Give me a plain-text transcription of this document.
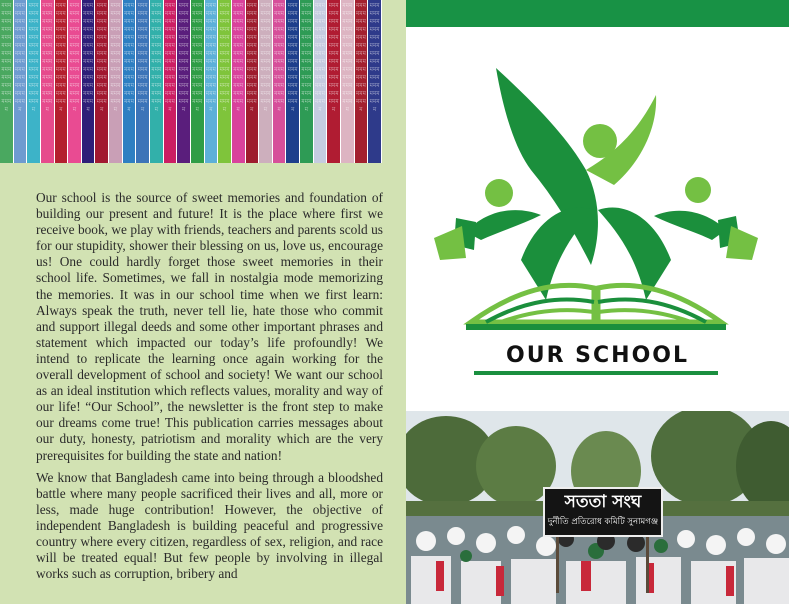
মমমমমমমমমমমমমমমমমমমমমমমমমমমমমমমমমমমমমমমম
মমমমমমমমমমমমমমমমমমমমমমমমমমমমমমমমমমমমমমমম
মমমমমমমমমমমমমমমমমমমমমমমমমমমমমমমমমমমমমমমম
মমমমমমমমমমমমমমমমমমমমমমমমমমমমমমমমমমমমমমমম
মমমমমমমমমমমমমমমমমমমমমমমমমমমমমমমমমমমমমমমম
মমমমমমমমমমমমমমমমমমমমমমমমমমমমমমমমমমমমমমমম
মমমমমমমমমমমমমমমমমমমমমমমমমমমমমমমমমমমমমমমম
মমমমমমমমমমমমমমমমমমমমমমমমমমমমমমমমমমমমমমমম
মমমমমমমমমমমমমমমমমমমমমমমমমমমমমমমমমমমমমমমম
মমমমমমমমমমমমমমমমমমমমমমমমমমমমমমমমমমমমমমমম
মমমমমমমমমমমমমমমমমমমমমমমমমমমমমমমমমমমমমমমম
মমমমমমমমমমমমমমমমমমমমমমমমমমমমমমমমমমমমমমমম
মমমমমমমমমমমমমমমমমমমমমমমমমমমমমমমমমমমমমমমম
মমমমমমমমমমমমমমমমমমমমমমমমমমমমমমমমমমমমমমমম
মমমমমমমমমমমমমমমমমমমমমমমমমমমমমমমমমমমমমমমম
মমমমমমমমমমমমমমমমমমমমমমমমমমমমমমমমমমমমমমমম
মমমমমমমমমমমমমমমমমমমমমমমমমমমমমমমমমমমমমমমম
মমমমমমমমমমমমমমমমমমমমমমমমমমমমমমমমমমমমমমমম
মমমমমমমমমমমমমমমমমমমমমমমমমমমমমমমমমমমমমমমম
মমমমমমমমমমমমমমমমমমমমমমমমমমমমমমমমমমমমমমমম
মমমমমমমমমমমমমমমমমমমমমমমমমমমমমমমমমমমমমমমম
মমমমমমমমমমমমমমমমমমমমমমমমমমমমমমমমমমমমমমমম
মমমমমমমমমমমমমমমমমমমমমমমমমমমমমমমমমমমমমমমম
মমমমমমমমমমমমমমমমমমমমমমমমমমমমমমমমমমমমমমমম
মমমমমমমমমমমমমমমমমমমমমমমমমমমমমমমমমমমমমমমম
মমমমমমমমমমমমমমমমমমমমমমমমমমমমমমমমমমমমমমমম
মমমমমমমমমমমমমমমমমমমমমমমমমমমমমমমমমমমমমমমম
মমমমমমমমমমমমমমমমমমমমমমমমমমমমমমমমমমমমমমমম

Our school is the source of sweet memories and foundation of building our present and future! It is the place where first we receive book, we play with friends, teachers and parents scold us for our stupidity, shower their blessing on us, love us, encourage us! One could hardly forget those sweet memories in their school life. Sometimes, we fall in nostalgia mode memorizing the memories. It was in our school time when we first learn: Always speak the truth, never tell lie, hate those who commit and support illegal deeds and some other important phrases and statement which impacted our today’s life profoundly! We intend to replicate the learning once again working for the overall development of school and society! We want our school as an ideal institution which reflects values, morality and way of our life! “Our School”, the newsletter is the front step to make our dreams come true! This publication carries messages about our duty, honesty, patriotism and morality which are the very prerequisites for building the state and nation!

We know that Bangladesh came into being through a bloodshed battle where many people sacrificed their lives and all, more or less, made huge contribution! However, the objective of independent Bangladesh is building peaceful and progressive country where every citizen, regardless of sex, religion, and race will be treated equal! But few people by involving in illegal works such as corruption, bribery and

OUR SCHOOL
সততা সংঘ
দুর্নীতি প্রতিরোধ কমিটি সুনামগঞ্জ
